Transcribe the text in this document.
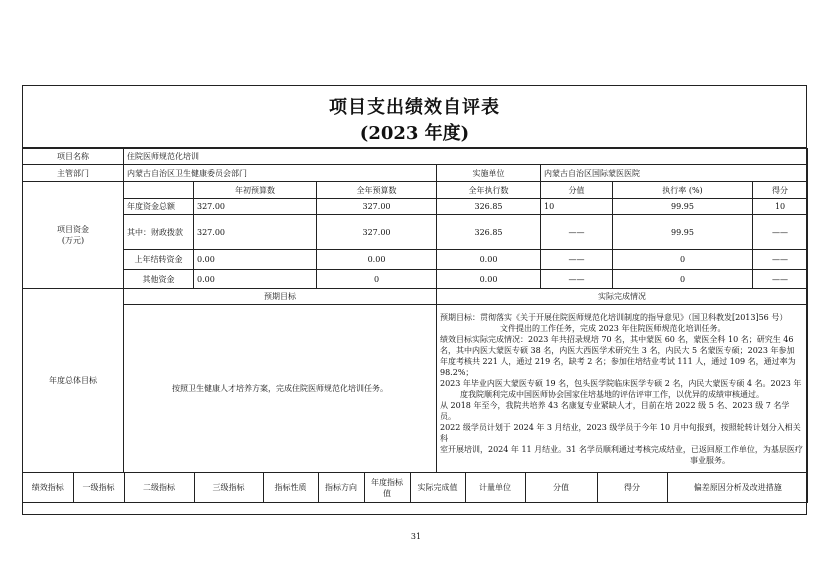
项目支出绩效自评表
(2023 年度)
项目名称	住院医师规范化培训
主管部门	内蒙古自治区卫生健康委员会部门	实施单位	内蒙古自治区国际蒙医医院

项目资金
(万元)
		年初预算数	全年预算数	全年执行数	分值	执行率 (%)	得分
年度资金总额	327.00	327.00	326.85	10	99.95	10
其中：财政拨款	327.00	327.00	326.85	——	99.95	——
上年结转资金	0.00	0.00	0.00	——	0	——
其他资金	0.00	0	0.00	——	0	——
年度总体目标	预期目标	实际完成情况
按照卫生健康人才培养方案，完成住院医师规范化培训任务。	

预期目标：贯彻落实《关于开展住院医师规范化培训制度的指导意见》（国卫科教发[2013]56 号）

文件提出的工作任务，完成 2023 年住院医师规范化培训任务。

绩效目标实际完成情况：2023 年共招录规培 70 名，其中蒙医 60 名，蒙医全科 10 名；研究生 46

名，其中内医大蒙医专硕 38 名，内医大西医学术研究生 3 名，内民大 5 名蒙医专硕；2023 年参加

年度考核共 221 人，通过 219 名，缺考 2 名；参加住培结业考试 111 人，通过 109 名，通过率为 98.2%；

2023 年毕业内医大蒙医专硕 19 名，包头医学院临床医学专硕 2 名，内民大蒙医专硕 4 名。2023 年

度我院顺利完成中国医师协会国家住培基地的评估评审工作，以优异的成绩审核通过。

从 2018 年至今，我院共培养 43 名康复专业紧缺人才，目前在培 2022 级 5 名、2023 级 7 名学员。

2022 级学员计划于 2024 年 3 月结业，2023 级学员于今年 10 月中旬报到，按照轮转计划分入相关科

室开展培训，2024 年 11 月结业。31 名学员顺利通过考核完成结业，已返回原工作单位，为基层医疗

事业服务。

绩效指标	一级指标	二级指标	三级指标	指标性质	指标方向	年度指标值	实际完成值	计量单位	分值	得分	偏差原因分析及改进措施
31
